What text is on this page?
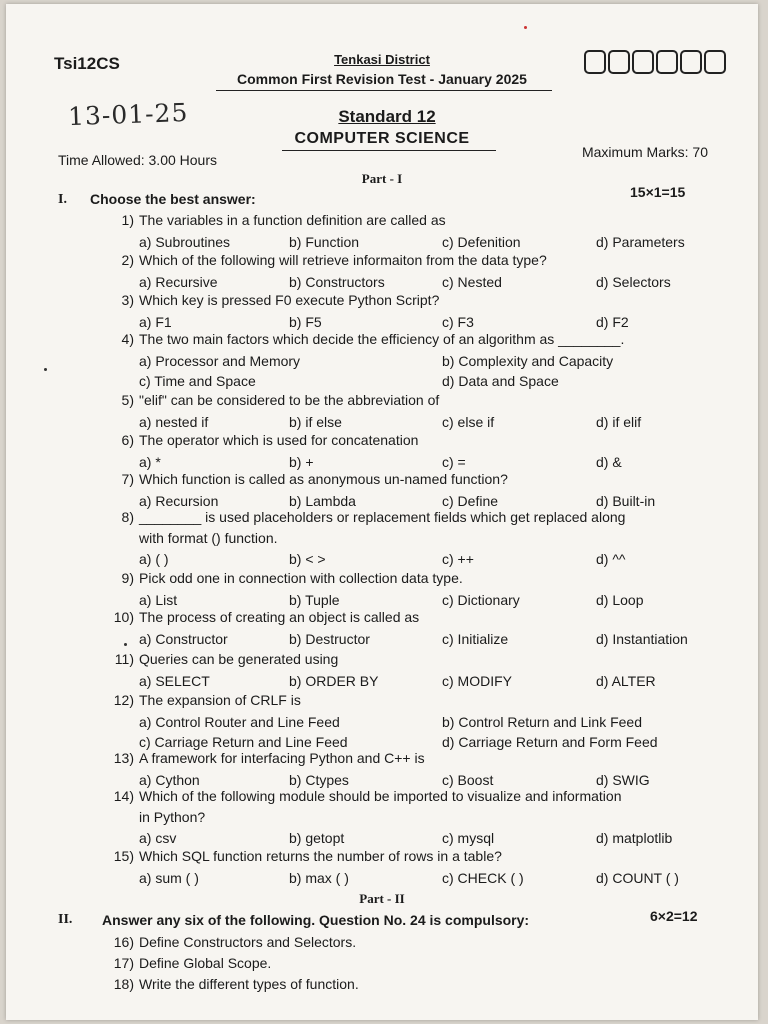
Tsi12CS	Tenkasi District
Common First Revision Test - January 2025
13-01-25	Standard 12
COMPUTER SCIENCE
Time Allowed: 3.00 Hours	Maximum Marks: 70
Part - I
I. Choose the best answer:	15×1=15
1) The variables in a function definition are called as
a) Subroutines	b) Function	c) Defenition	d) Parameters
2) Which of the following will retrieve informaiton from the data type?
a) Recursive	b) Constructors	c) Nested	d) Selectors
3) Which key is pressed F0 execute Python Script?
a) F1	b) F5	c) F3	d) F2
4) The two main factors which decide the efficiency of an algorithm as ________.
a) Processor and Memory	b) Complexity and Capacity
c) Time and Space	d) Data and Space
5) "elif" can be considered to be the abbreviation of
a) nested if	b) if else	c) else if	d) if elif
6) The operator which is used for concatenation
a) *	b) +	c) =	d) &
7) Which function is called as anonymous un-named function?
a) Recursion	b) Lambda	c) Define	d) Built-in
8) ________ is used placeholders or replacement fields which get replaced along
with format () function.
a) ( )	b) < >	c) ++	d) ^^
9) Pick odd one in connection with collection data type.
a) List	b) Tuple	c) Dictionary	d) Loop
10) The process of creating an object is called as
a) Constructor	b) Destructor	c) Initialize	d) Instantiation
11) Queries can be generated using
a) SELECT	b) ORDER BY	c) MODIFY	d) ALTER
12) The expansion of CRLF is
a) Control Router and Line Feed	b) Control Return and Link Feed
c) Carriage Return and Line Feed	d) Carriage Return and Form Feed
13) A framework for interfacing Python and C++ is
a) Cython	b) Ctypes	c) Boost	d) SWIG
14) Which of the following module should be imported to visualize and information
in Python?
a) csv	b) getopt	c) mysql	d) matplotlib
15) Which SQL function returns the number of rows in a table?
a) sum ( )	b) max ( )	c) CHECK ( )	d) COUNT ( )
Part - II
II. Answer any six of the following. Question No. 24 is compulsory:	6×2=12
16) Define Constructors and Selectors.
17) Define Global Scope.
18) Write the different types of function.
